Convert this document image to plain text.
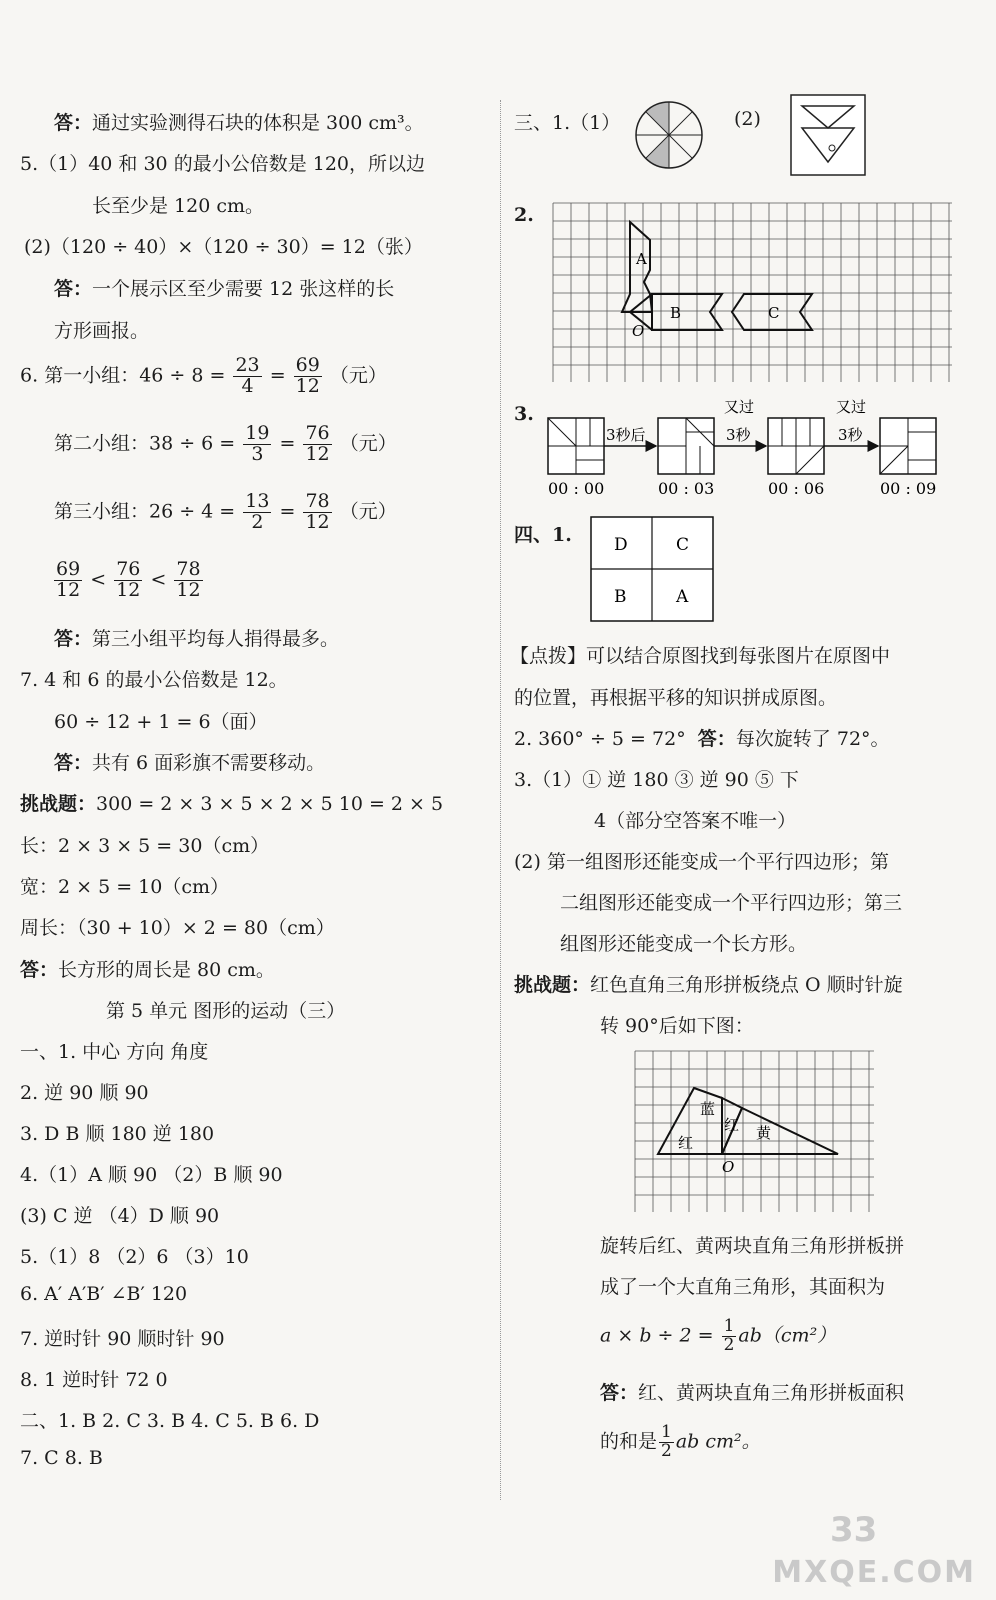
答：通过实验测得石块的体积是 300 cm³。
5.（1）40 和 30 的最小公倍数是 120，所以边
长至少是 120 cm。
(2)（120 ÷ 40）×（120 ÷ 30）= 12（张）
答：一个展示区至少需要 12 张这样的长
方形画报。
6. 第一小组：$46 \div 8 = \frac{23}{4} = \frac{69}{12}$ （元）
第二小组：$38 \div 6 = \frac{19}{3} = \frac{76}{12}$ （元）
第三小组：$26 \div 4 = \frac{13}{2} = \frac{78}{12}$ （元）
$\frac{69}{12} < \frac{76}{12} < \frac{78}{12}$
答：第三小组平均每人捐得最多。
7. 4 和 6 的最小公倍数是 12。
60 ÷ 12 + 1 = 6（面）
答：共有 6 面彩旗不需要移动。
挑战题：300 = 2 × 3 × 5 × 2 × 5 10 = 2 × 5
长：2 × 3 × 5 = 30（cm）
宽：2 × 5 = 10（cm）
周长：（30 + 10）× 2 = 80（cm）
答：长方形的周长是 80 cm。
第 5 单元 图形的运动（三）
一、1. 中心 方向 角度
2. 逆 90 顺 90
3. D B 顺 180 逆 180
4.（1）A 顺 90 （2）B 顺 90
(3) C 逆 （4）D 顺 90
5.（1）8 （2）6 （3）10
6. A′ A′B′ ∠B′ 120
7. 逆时针 90 顺时针 90
8. 1 逆时针 72 0
二、1. B 2. C 3. B 4. C 5. B 6. D
7. C 8. B
三、1.（1）	(2)
2.
A
B	C
O
3.
3秒后
又过
3秒
又过
3秒
00 : 00	00 : 03	00 : 06	00 : 09
四、1. D	C
B	A
【点拨】可以结合原图找到每张图片在原图中
的位置，再根据平移的知识拼成原图。
2. 360° ÷ 5 = 72° 答：每次旋转了 72°。
3.（1）① 逆 180 ③ 逆 90 ⑤ 下
4（部分空答案不唯一）
(2) 第一组图形还能变成一个平行四边形；第
二组图形还能变成一个平行四边形；第三
组图形还能变成一个长方形。
挑战题：红色直角三角形拼板绕点 O 顺时针旋
转 90°后如下图：
蓝
红
红
黄
O
旋转后红、黄两块直角三角形拼板拼
成了一个大直角三角形，其面积为
$a \times b \div 2 = \frac{1}{2} ab(cm^2)$
答：红、黄两块直角三角形拼板面积
的和是 $\frac{1}{2}$ ab cm²。
33
MXQE.COM
